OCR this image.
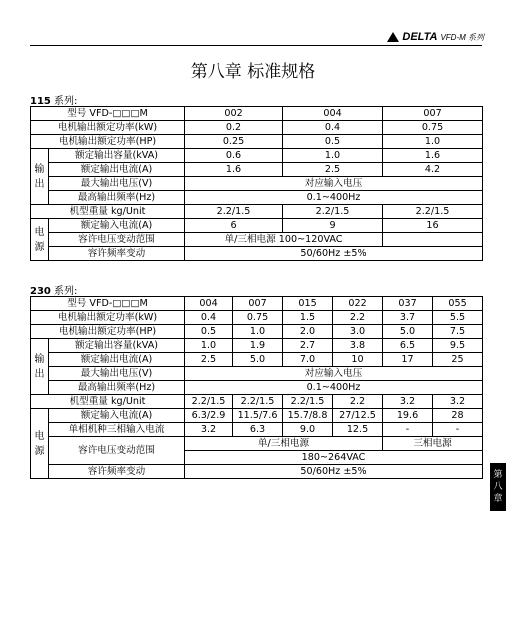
DELTA VFD-M 系列
第八章 标准规格
115 系列:
型号 VFD-□□□M		002	004	007
电机输出额定功率(kW)		0.2	0.4	0.75
电机输出额定功率(HP)		0.25	0.5	1.0
输出	额定输出容量(kVA)	0.6	1.0	1.6
	额定输出电流(A)	1.6	2.5	4.2
	最大输出电压(V)	对应输入电压		
	最高输出频率(Hz)	0.1~400Hz		
机型重量 kg/Unit		2.2/1.5	2.2/1.5	2.2/1.5
电源	额定输入电流(A)	6	9	16
	容许电压变动范围	单/三相电源 100~120VAC		
	容许频率变动	50/60Hz ±5%		
230 系列:
型号 VFD-□□□M		004	007	015	022	037	055
电机输出额定功率(kW)		0.4	0.75	1.5	2.2	3.7	5.5
电机输出额定功率(HP)		0.5	1.0	2.0	3.0	5.0	7.5
输出	额定输出容量(kVA)	1.0	1.9	2.7	3.8	6.5	9.5
	额定输出电流(A)	2.5	5.0	7.0	10	17	25
	最大输出电压(V)	对应输入电压					
	最高输出频率(Hz)	0.1~400Hz					
机型重量 kg/Unit		2.2/1.5	2.2/1.5	2.2/1.5	2.2	3.2	3.2
电源	额定输入电流(A)	6.3/2.9	11.5/7.6	15.7/8.8	27/12.5	19.6	28
	单相机种三相输入电流	3.2	6.3	9.0	12.5	-	-
	容许电压变动范围	单/三相电源				三相电源	
		180~264VAC					
	容许频率变动	50/60Hz ±5%						第
八
章
